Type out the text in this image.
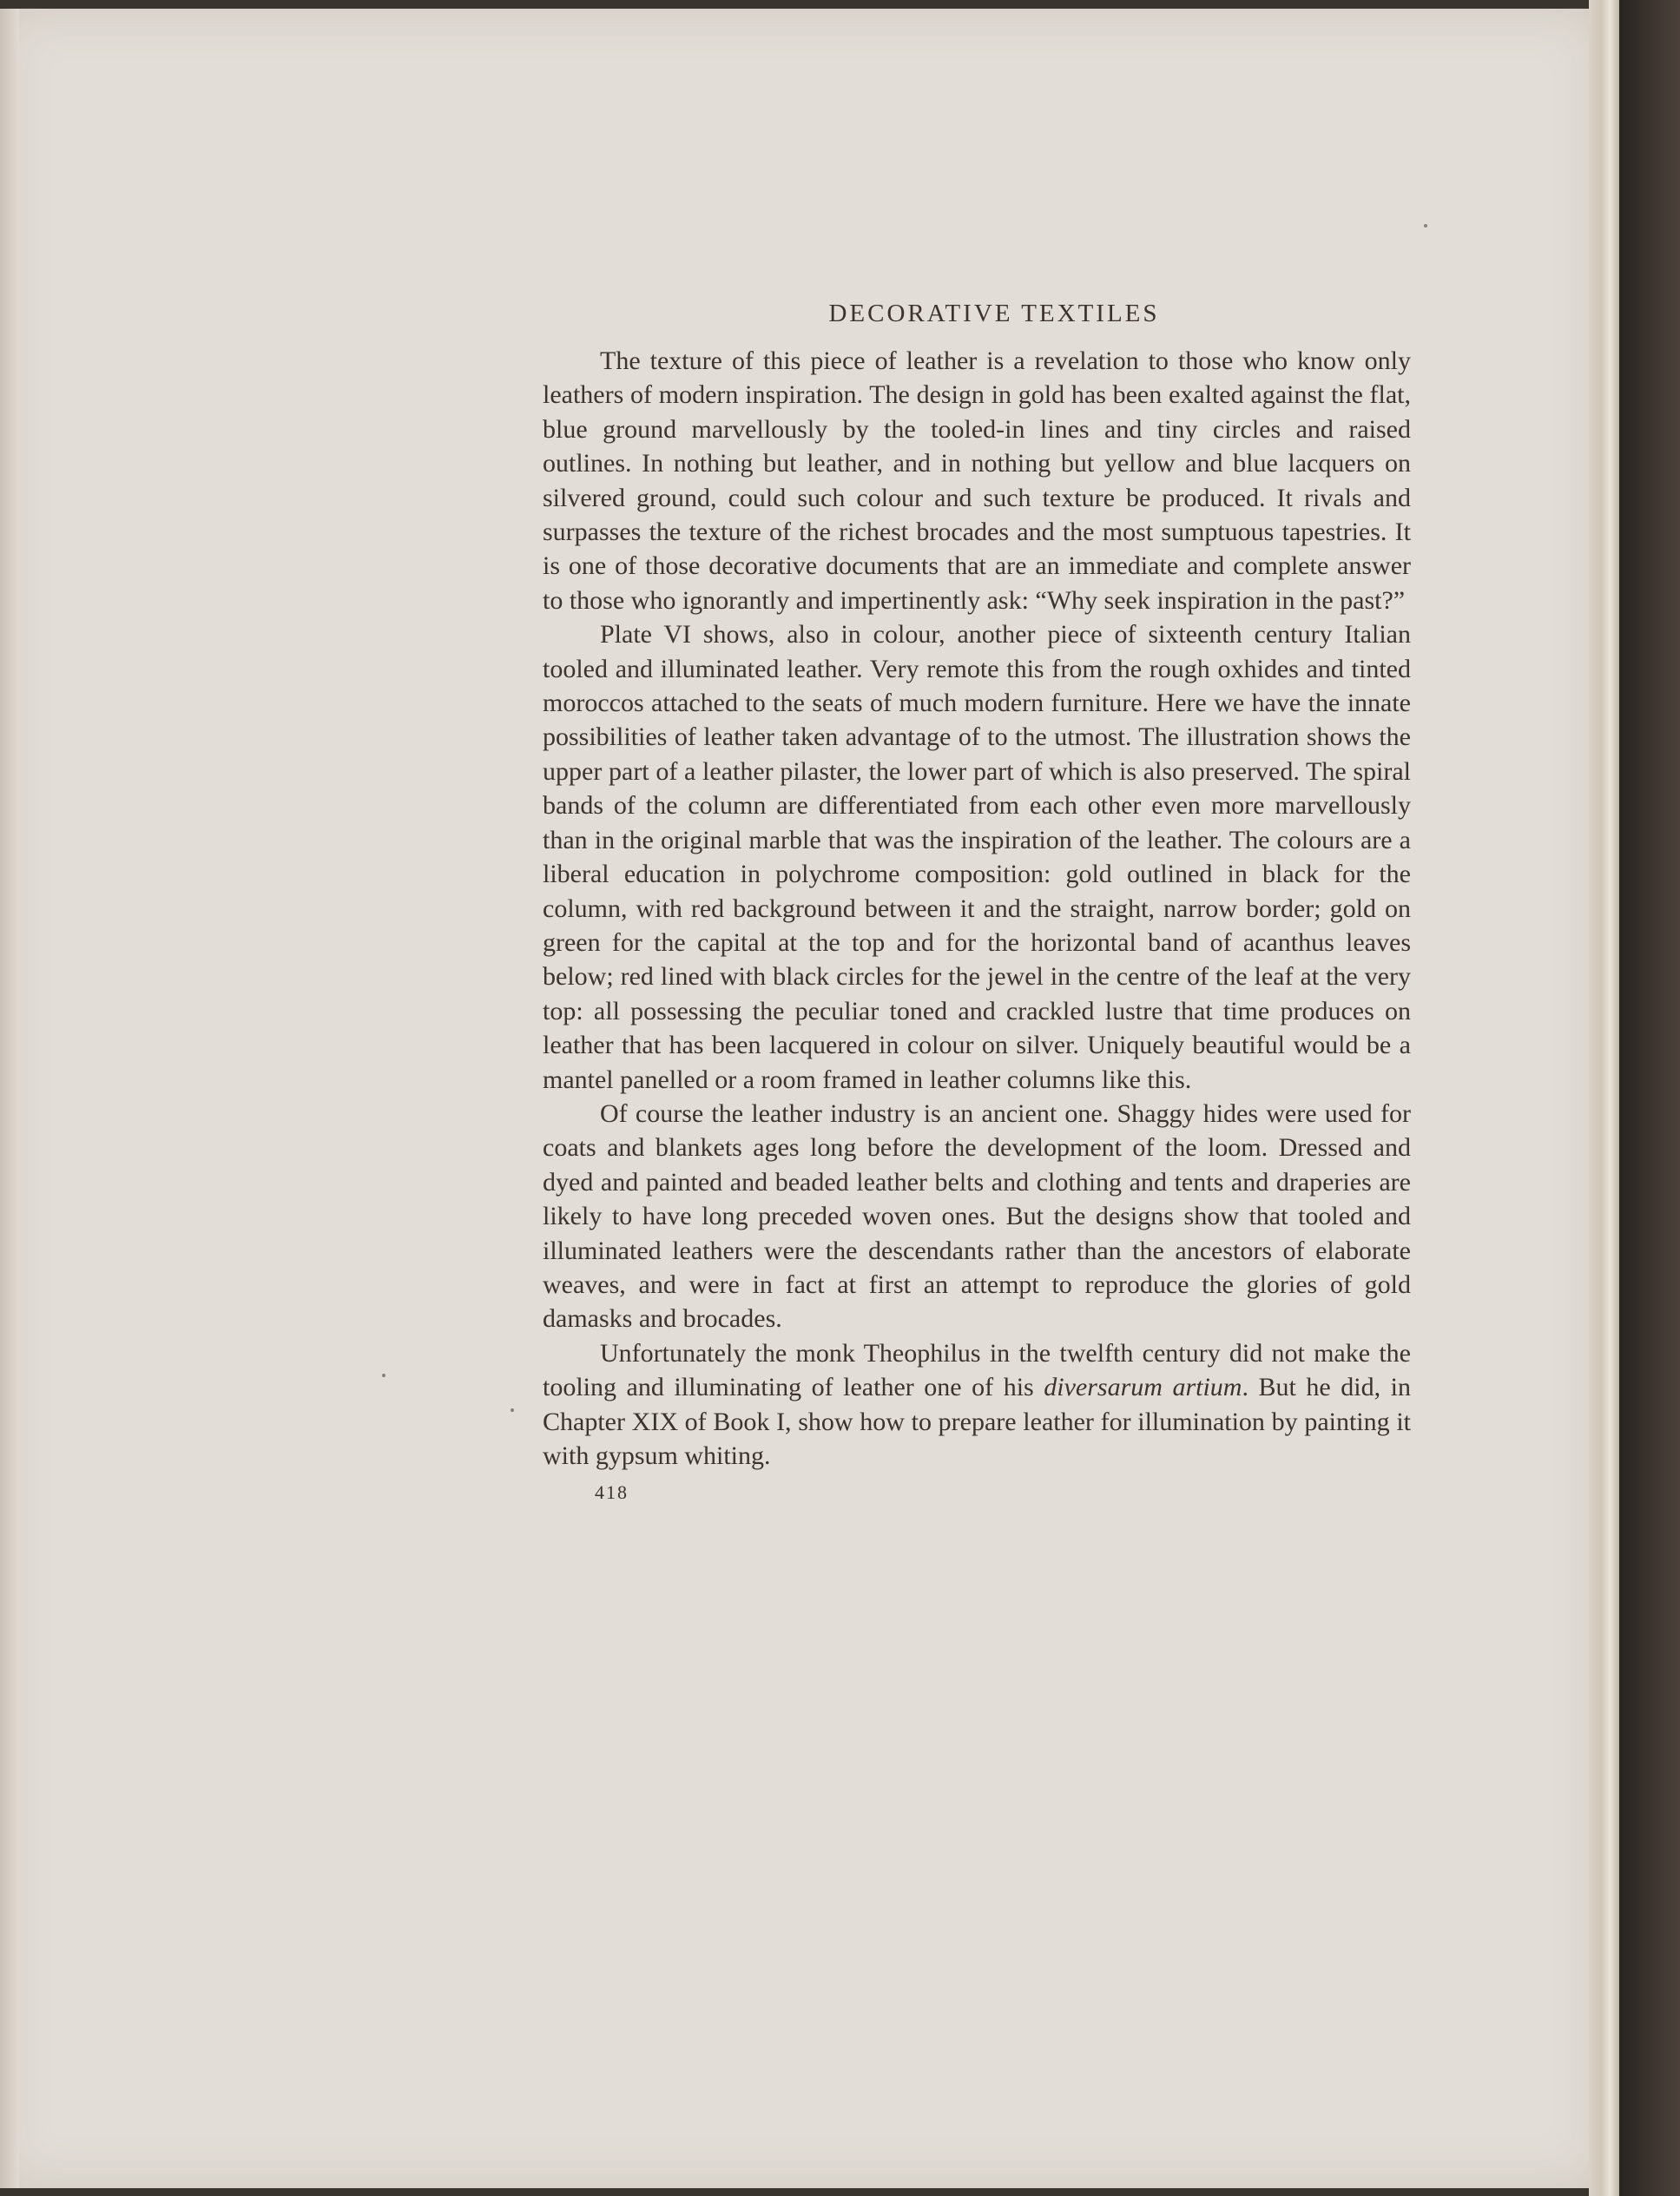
DECORATIVE TEXTILES

The texture of this piece of leather is a revelation to those who know only leathers of modern inspiration. The design in gold has been exalted against the flat, blue ground marvellously by the tooled-in lines and tiny circles and raised outlines. In nothing but leather, and in nothing but yellow and blue lacquers on silvered ground, could such colour and such texture be produced. It rivals and surpasses the texture of the richest brocades and the most sumptuous tapestries. It is one of those decorative documents that are an immediate and complete answer to those who ignorantly and impertinently ask: “Why seek inspiration in the past?”

Plate VI shows, also in colour, another piece of sixteenth century Italian tooled and illuminated leather. Very remote this from the rough oxhides and tinted moroccos attached to the seats of much modern furniture. Here we have the innate possibilities of leather taken advantage of to the utmost. The illustration shows the upper part of a leather pilaster, the lower part of which is also preserved. The spiral bands of the column are differentiated from each other even more marvellously than in the original marble that was the inspiration of the leather. The colours are a liberal education in polychrome composition: gold outlined in black for the column, with red background between it and the straight, narrow border; gold on green for the capital at the top and for the horizontal band of acanthus leaves below; red lined with black circles for the jewel in the centre of the leaf at the very top: all possessing the peculiar toned and crackled lustre that time produces on leather that has been lacquered in colour on silver. Uniquely beautiful would be a mantel panelled or a room framed in leather columns like this.

Of course the leather industry is an ancient one. Shaggy hides were used for coats and blankets ages long before the development of the loom. Dressed and dyed and painted and beaded leather belts and clothing and tents and draperies are likely to have long preceded woven ones. But the designs show that tooled and illuminated leathers were the descendants rather than the ancestors of elaborate weaves, and were in fact at first an attempt to reproduce the glories of gold damasks and brocades.

Unfortunately the monk Theophilus in the twelfth century did not make the tooling and illuminating of leather one of his diversarum artium. But he did, in Chapter XIX of Book I, show how to prepare leather for illumination by painting it with gypsum whiting.

418
